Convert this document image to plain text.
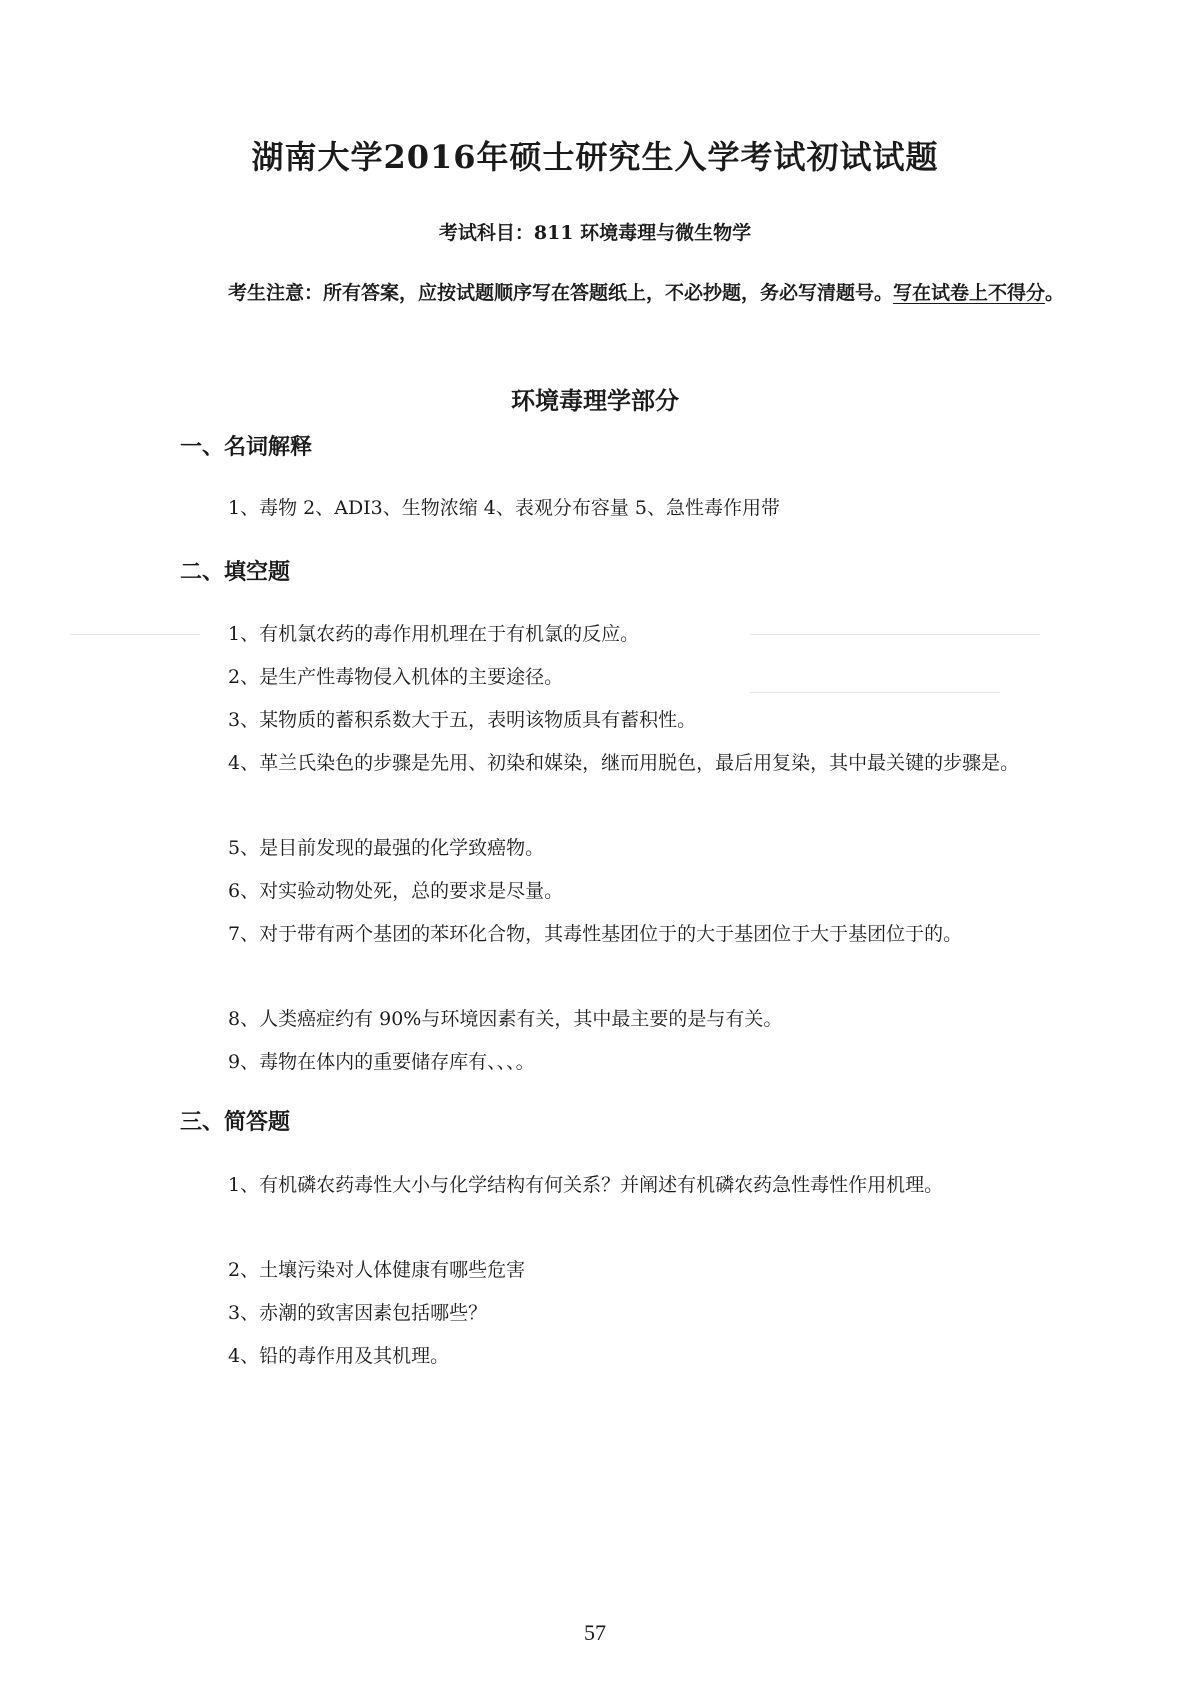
湖南大学2016年硕士研究生入学考试初试试题
考试科目：811 环境毒理与微生物学
考生注意：所有答案，应按试题顺序写在答题纸上，不必抄题，务必写清题号。写在试卷上不得分。
环境毒理学部分
一、名词解释
1、毒物 2、ADI3、生物浓缩 4、表观分布容量 5、急性毒作用带
二、填空题
1、有机氯农药的毒作用机理在于有机氯的反应。
2、是生产性毒物侵入机体的主要途径。
3、某物质的蓄积系数大于五，表明该物质具有蓄积性。
4、革兰氏染色的步骤是先用、初染和媒染，继而用脱色，最后用复染，其中最关键的步骤是。
5、是目前发现的最强的化学致癌物。
6、对实验动物处死，总的要求是尽量。
7、对于带有两个基团的苯环化合物，其毒性基团位于的大于基团位于大于基团位于的。
8、人类癌症约有 90%与环境因素有关，其中最主要的是与有关。
9、毒物在体内的重要储存库有、、、。
三、简答题
1、有机磷农药毒性大小与化学结构有何关系？并阐述有机磷农药急性毒性作用机理。
2、土壤污染对人体健康有哪些危害
3、赤潮的致害因素包括哪些？
4、铅的毒作用及其机理。
57
